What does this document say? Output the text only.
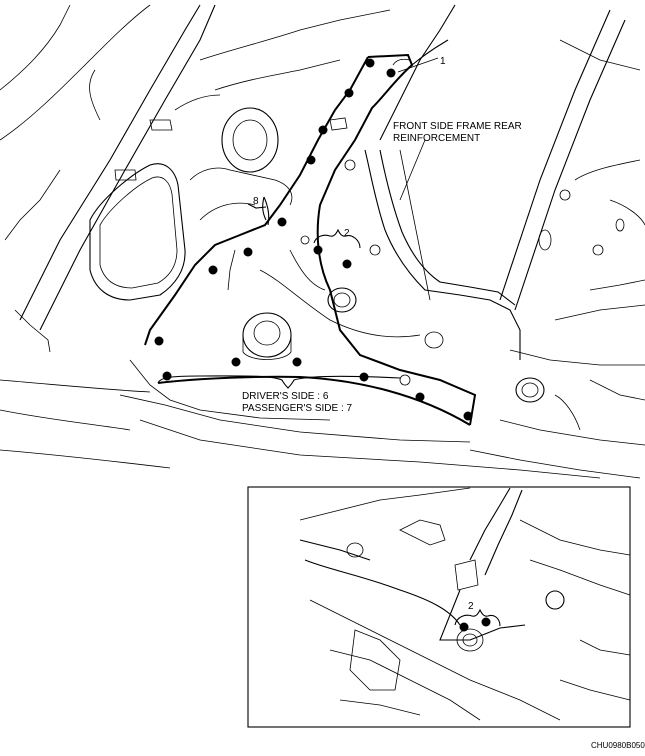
1
8
2
FRONT SIDE FRAME REAR
REINFORCEMENT
DRIVER'S SIDE : 6
PASSENGER'S SIDE : 7
2
CHU0980B050
